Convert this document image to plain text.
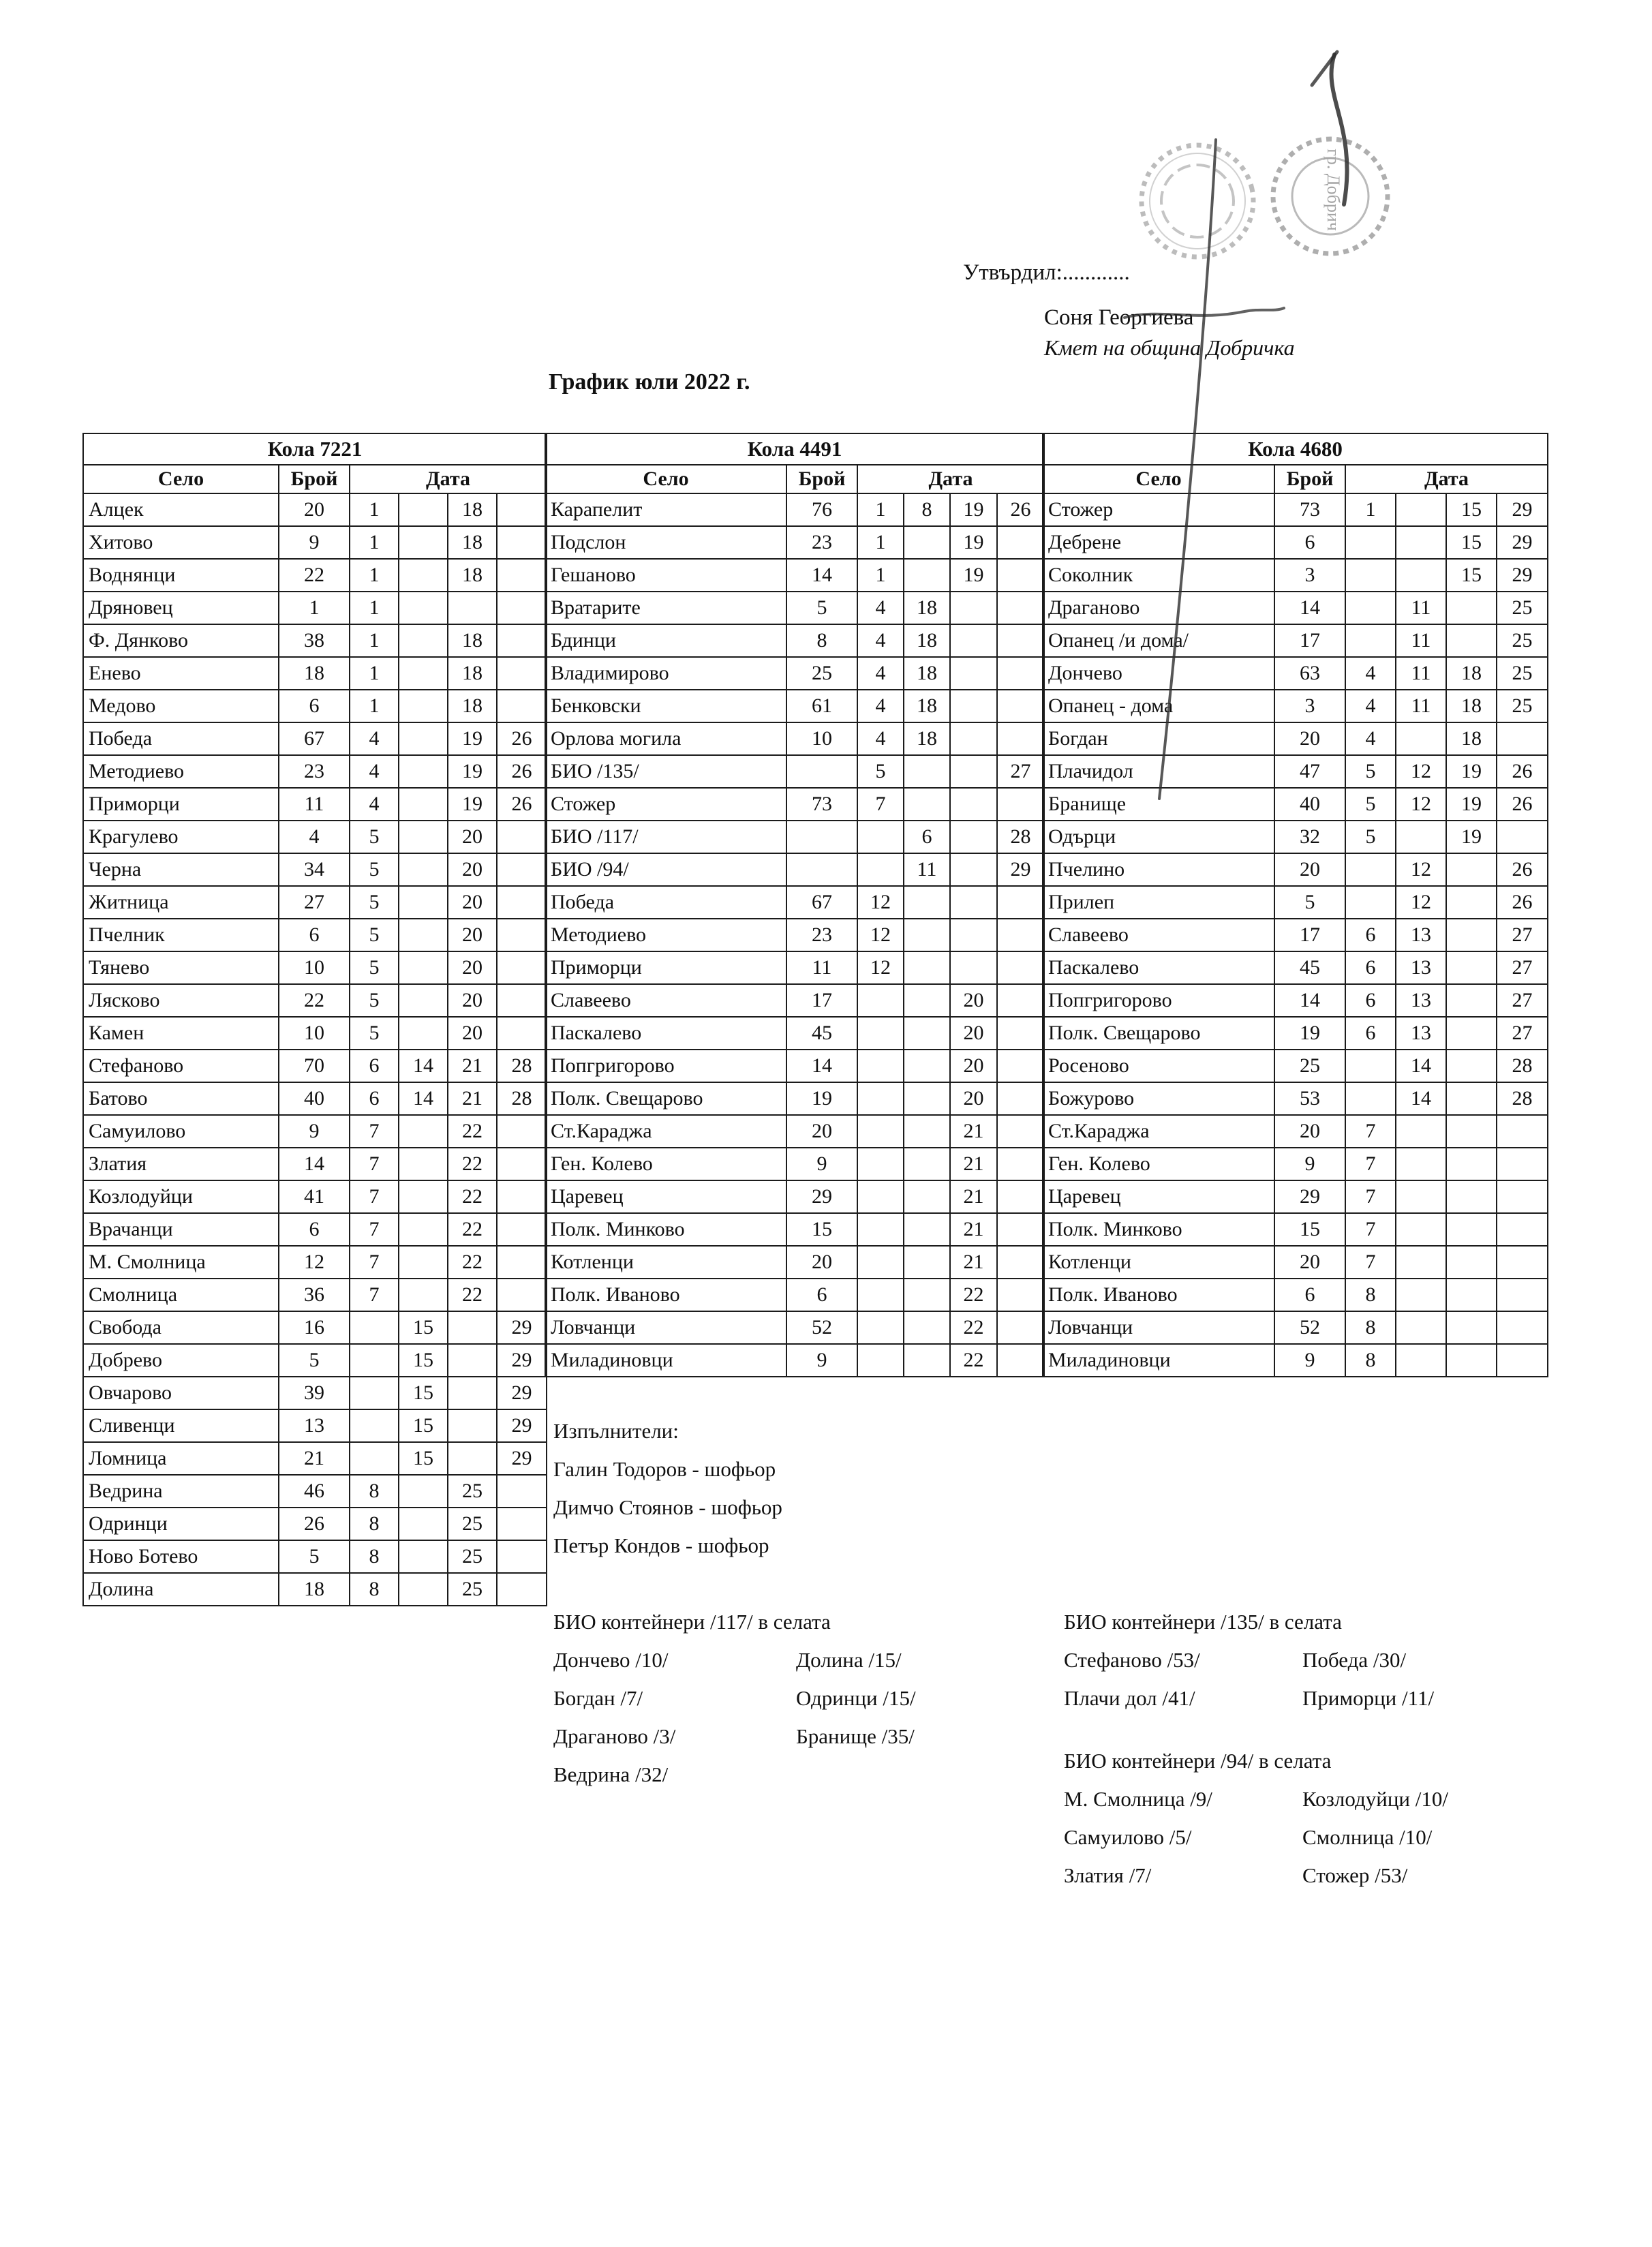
Утвърдил:............
Соня Георгиева
Кмет на община Добричка
График юли 2022 г.
Кола 7221					
Село	Брой	Дата			
Алцек	20	1		18	
Хитово	9	1		18	
Воднянци	22	1		18	
Дряновец	1	1			
Ф. Дянково	38	1		18	
Енево	18	1		18	
Медово	6	1		18	
Победа	67	4		19	26
Методиево	23	4		19	26
Приморци	11	4		19	26
Крагулево	4	5		20	
Черна	34	5		20	
Житница	27	5		20	
Пчелник	6	5		20	
Тянево	10	5		20	
Лясково	22	5		20	
Камен	10	5		20	
Стефаново	70	6	14	21	28
Батово	40	6	14	21	28
Самуилово	9	7		22	
Златия	14	7		22	
Козлодуйци	41	7		22	
Врачанци	6	7		22	
М. Смолница	12	7		22	
Смолница	36	7		22	
Свобода	16		15		29
Добрево	5		15		29
Овчарово	39		15		29
Сливенци	13		15		29
Ломница	21		15		29
Ведрина	46	8		25	
Одринци	26	8		25	
Ново Ботево	5	8		25	
Долина	18	8		25	
Кола 4491					
Село	Брой	Дата			
Карапелит	76	1	8	19	26
Подслон	23	1		19	
Гешаново	14	1		19	
Вратарите	5	4	18		
Бдинци	8	4	18		
Владимирово	25	4	18		
Бенковски	61	4	18		
Орлова могила	10	4	18		
БИО /135/		5			27
Стожер	73	7			
БИО /117/			6		28
БИО /94/			11		29
Победа	67	12			
Методиево	23	12			
Приморци	11	12			
Славеево	17			20	
Паскалево	45			20	
Попгригорово	14			20	
Полк. Свещарово	19			20	
Ст.Караджа	20			21	
Ген. Колево	9			21	
Царевец	29			21	
Полк. Минково	15			21	
Котленци	20			21	
Полк. Иваново	6			22	
Ловчанци	52			22	
Миладиновци	9			22	
Кола 4680					
Село	Брой	Дата			
Стожер	73	1		15	29
Дебрене	6			15	29
Соколник	3			15	29
Драганово	14		11		25
Опанец /и дома/	17		11		25
Дончево	63	4	11	18	25
Опанец - дома	3	4	11	18	25
Богдан	20	4		18	
Плачидол	47	5	12	19	26
Бранище	40	5	12	19	26
Одърци	32	5		19	
Пчелино	20		12		26
Прилеп	5		12		26
Славеево	17	6	13		27
Паскалево	45	6	13		27
Попгригорово	14	6	13		27
Полк. Свещарово	19	6	13		27
Росеново	25		14		28
Божурово	53		14		28
Ст.Караджа	20	7			
Ген. Колево	9	7			
Царевец	29	7			
Полк. Минково	15	7			
Котленци	20	7			
Полк. Иваново	6	8			
Ловчанци	52	8			
Миладиновци	9	8			
Изпълнители:
Галин Тодоров - шофьор
Димчо Стоянов - шофьор
Петър Кондов - шофьор
БИО контейнери /117/ в селата
Дончево /10/	Долина /15/
Богдан /7/	Одринци /15/
Драганово /3/	Бранище /35/
Ведрина /32/
БИО контейнери /135/ в селата
Стефаново /53/	Победа /30/
Плачи дол /41/	Приморци /11/
БИО контейнери /94/ в селата
М. Смолница /9/	Козлодуйци /10/
Самуилово /5/	Смолница /10/
Златия /7/	Стожер /53/
гр. Добрич
